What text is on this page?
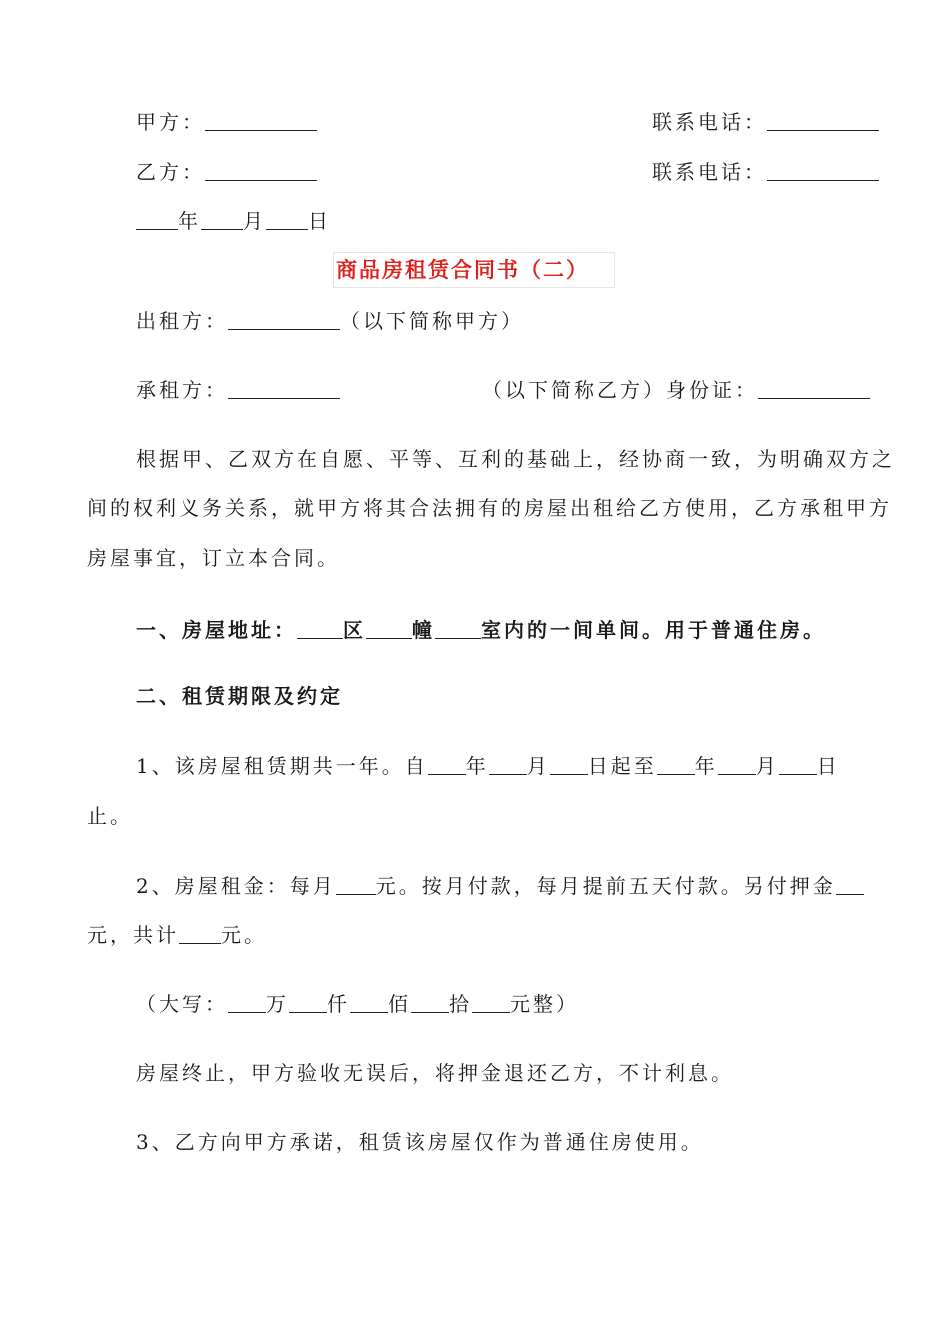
甲方：	联系电话：
乙方：	联系电话：
年 月 日
商品房租赁合同书（二）
出租方：	（以下简称甲方）
承租方：	（以下简称乙方）身份证：
根据甲、乙双方在自愿、平等、互利的基础上，经协商一致，为明确双方之
间的权利义务关系，就甲方将其合法拥有的房屋出租给乙方使用，乙方承租甲方
房屋事宜，订立本合同。
一、房屋地址： 区 幢 室内的一间单间。用于普通住房。
二、租赁期限及约定
1、该房屋租赁期共一年。自 年 月 日起至 年 月 日
止。
2、房屋租金：每月 元。按月付款，每月提前五天付款。另付押金
元，共计 元。
（大写： 万 仟 佰 拾 元整）
房屋终止，甲方验收无误后，将押金退还乙方，不计利息。
3、乙方向甲方承诺，租赁该房屋仅作为普通住房使用。
